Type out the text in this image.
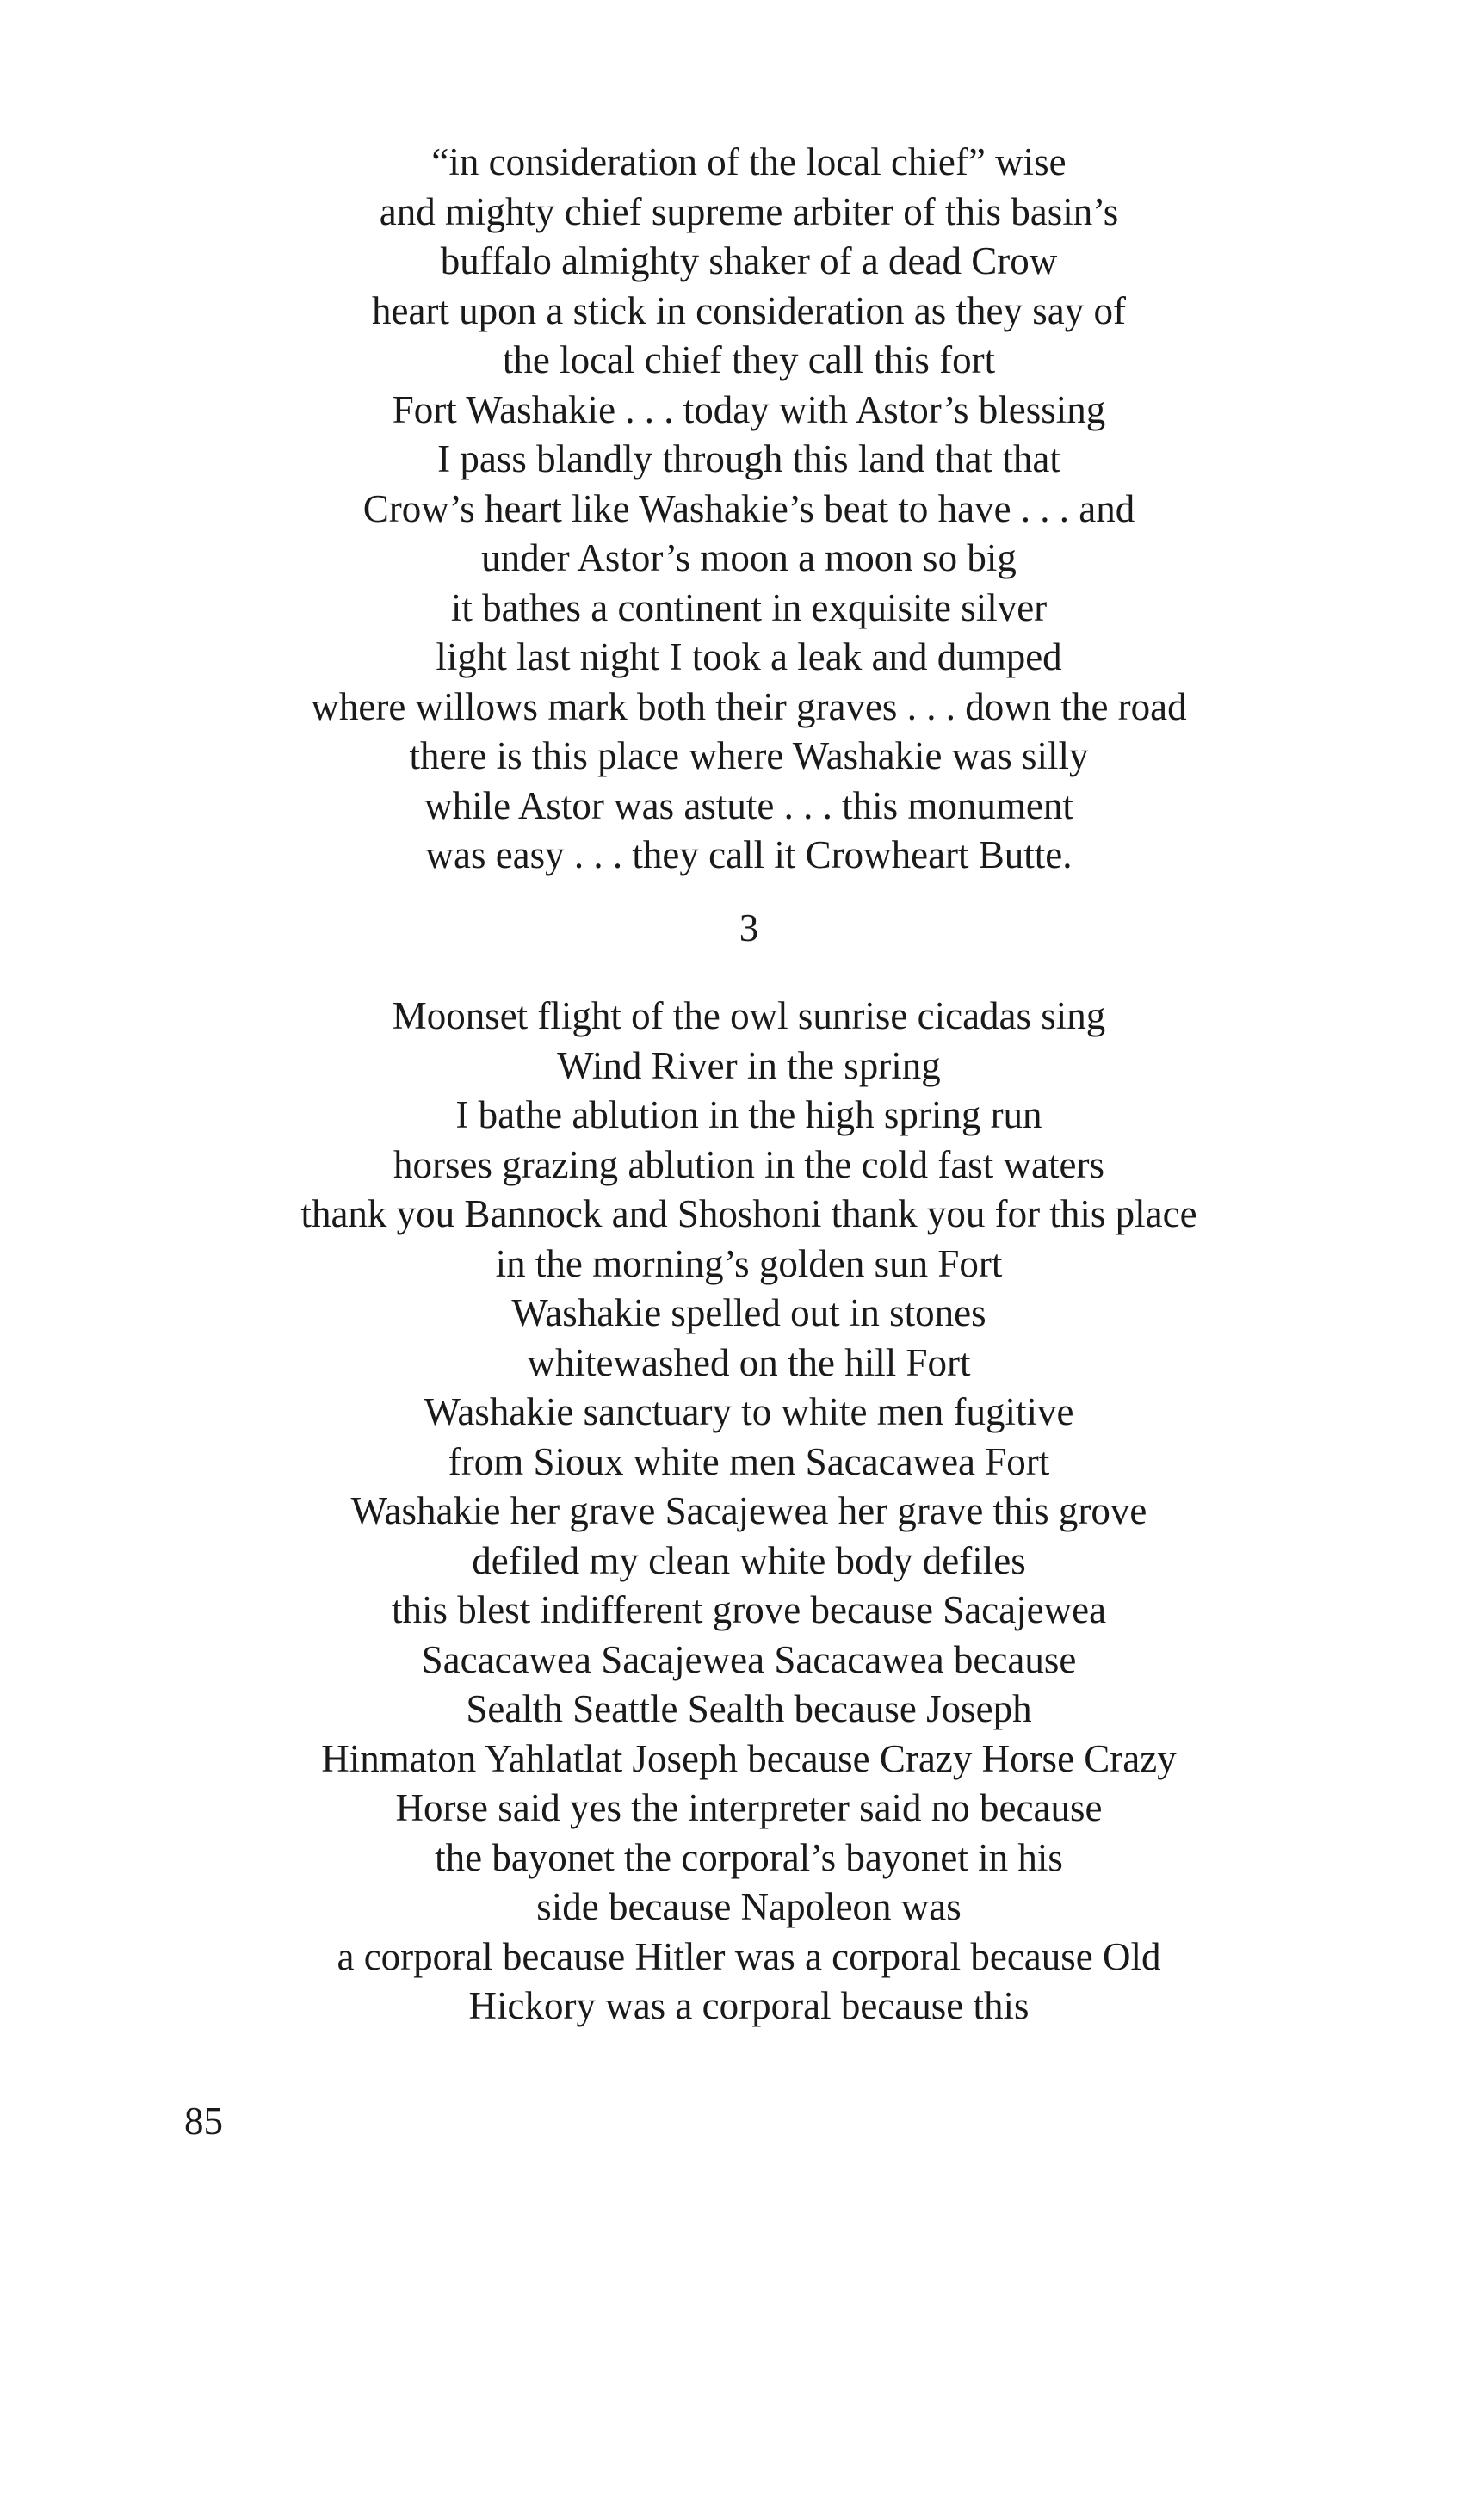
“in consideration of the local chief” wise
and mighty chief supreme arbiter of this basin’s
buffalo almighty shaker of a dead Crow
heart upon a stick in consideration as they say of
the local chief they call this fort
Fort Washakie . . . today with Astor’s blessing
I pass blandly through this land that that
Crow’s heart like Washakie’s beat to have . . . and
under Astor’s moon a moon so big
it bathes a continent in exquisite silver
light last night I took a leak and dumped
where willows mark both their graves . . . down the road
there is this place where Washakie was silly
while Astor was astute . . . this monument
was easy . . . they call it Crowheart Butte.
3
Moonset flight of the owl sunrise cicadas sing
Wind River in the spring
I bathe ablution in the high spring run
horses grazing ablution in the cold fast waters
thank you Bannock and Shoshoni thank you for this place
in the morning’s golden sun Fort
Washakie spelled out in stones
whitewashed on the hill Fort
Washakie sanctuary to white men fugitive
from Sioux white men Sacacawea Fort
Washakie her grave Sacajewea her grave this grove
defiled my clean white body defiles
this blest indifferent grove because Sacajewea
Sacacawea Sacajewea Sacacawea because
Sealth Seattle Sealth because Joseph
Hinmaton Yahlatlat Joseph because Crazy Horse Crazy
Horse said yes the interpreter said no because
the bayonet the corporal’s bayonet in his
side because Napoleon was
a corporal because Hitler was a corporal because Old
Hickory was a corporal because this
85
